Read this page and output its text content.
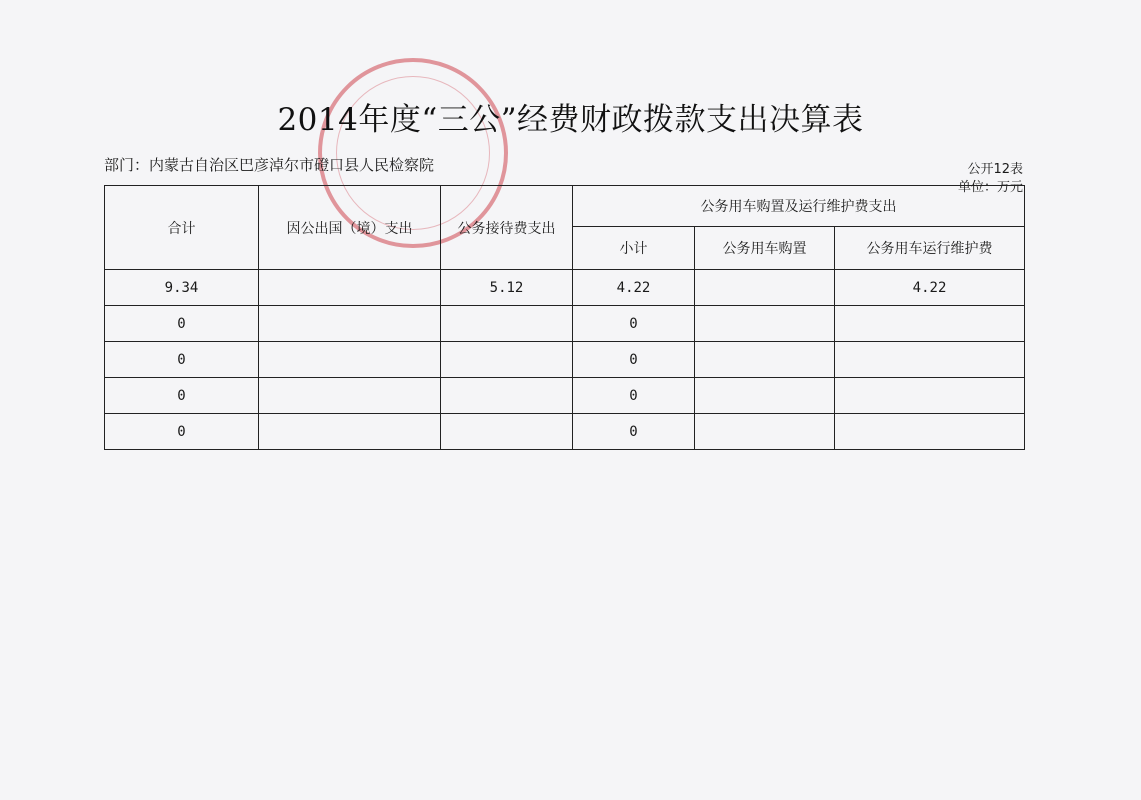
2014年度“三公”经费财政拨款支出决算表
部门：内蒙古自治区巴彦淖尔市磴口县人民检察院	公开12表
单位：万元
合计	因公出国（境）支出	公务接待费支出	公务用车购置及运行维护费支出		
			小计	公务用车购置	公务用车运行维护费
9.34		5.12	4.22		4.22
0			0		
0			0		
0			0		
0			0		
